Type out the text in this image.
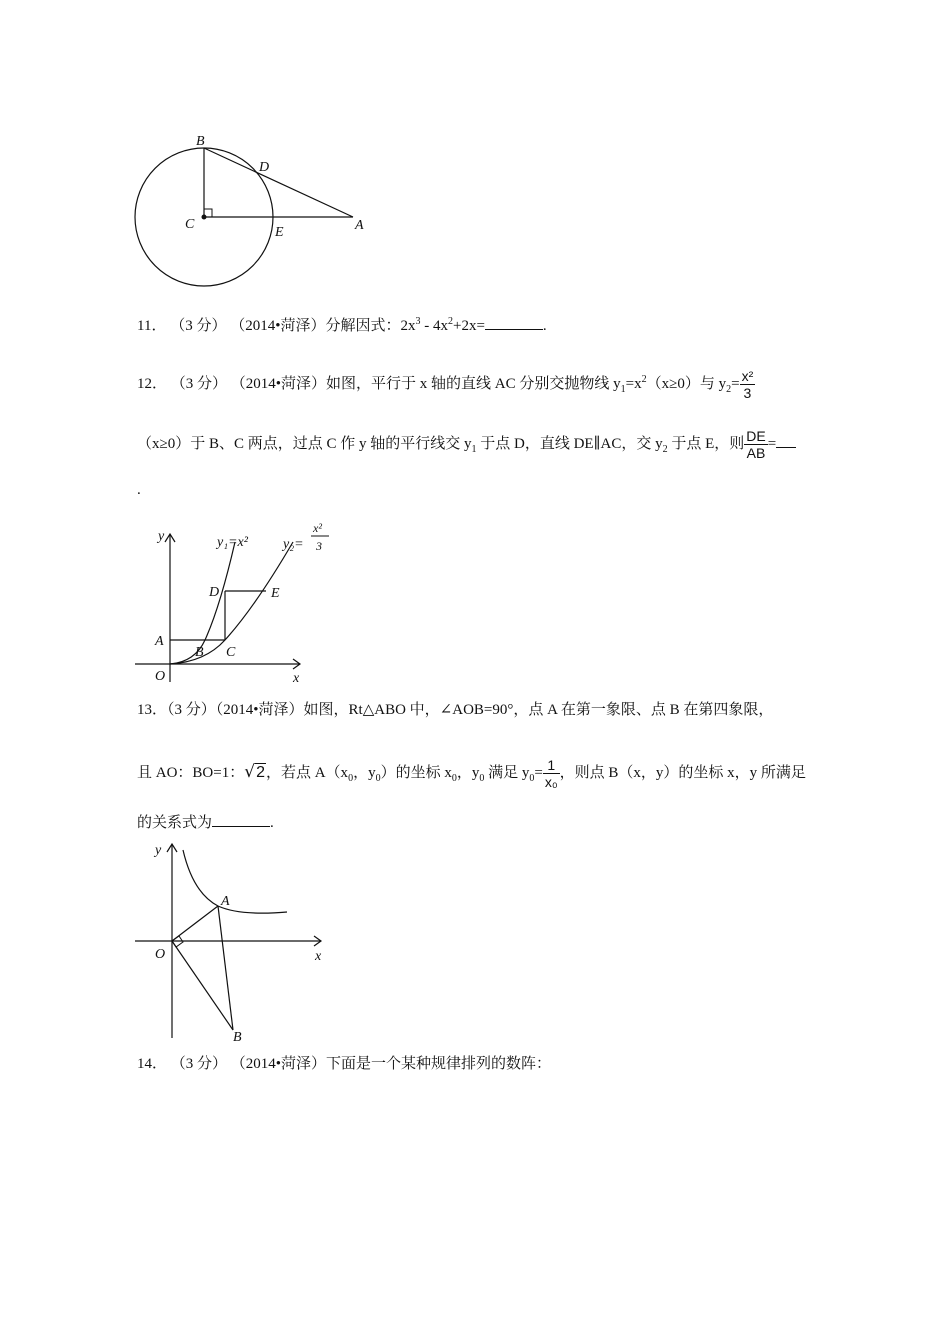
B
D
C
E	A
11． （3 分） （2014•菏泽）分解因式：$2x^3 - 4x^2+2x=$	.
12． （3 分） （2014•菏泽）如图，平行于 x 轴的直线 AC 分别交抛物线 $y_1=x^2(x\ge 0)$与 $y_2= \frac{\text{x²}}{3}$
（x≥0）于 B、C 两点，过点 C 作 y 轴的平行线交 $y_1$ 于点 D，直线 DE∥AC，交 $y_2$ 于点 E，则 $\frac{DE}{AB}$ =
.
y
x
O
A
B C
D	E
y₁=x²	y₂=
x²
3
13．（3 分）（2014•菏泽）如图，Rt△ABO 中，∠AOB=90°，点 A 在第一象限、点 B 在第四象限，
且 AO：BO=1：√2，若点 $A(x_0$，$y_0$）的坐标 $x_0$，$y_0$ 满足 $y_0= \frac{1}{\text{x₀}}$ ，则点 B（x，y）的坐标 x，y 所满足
的关系式为	.
y
x
O
A
B
14． （3 分） （2014•菏泽）下面是一个某种规律排列的数阵：
